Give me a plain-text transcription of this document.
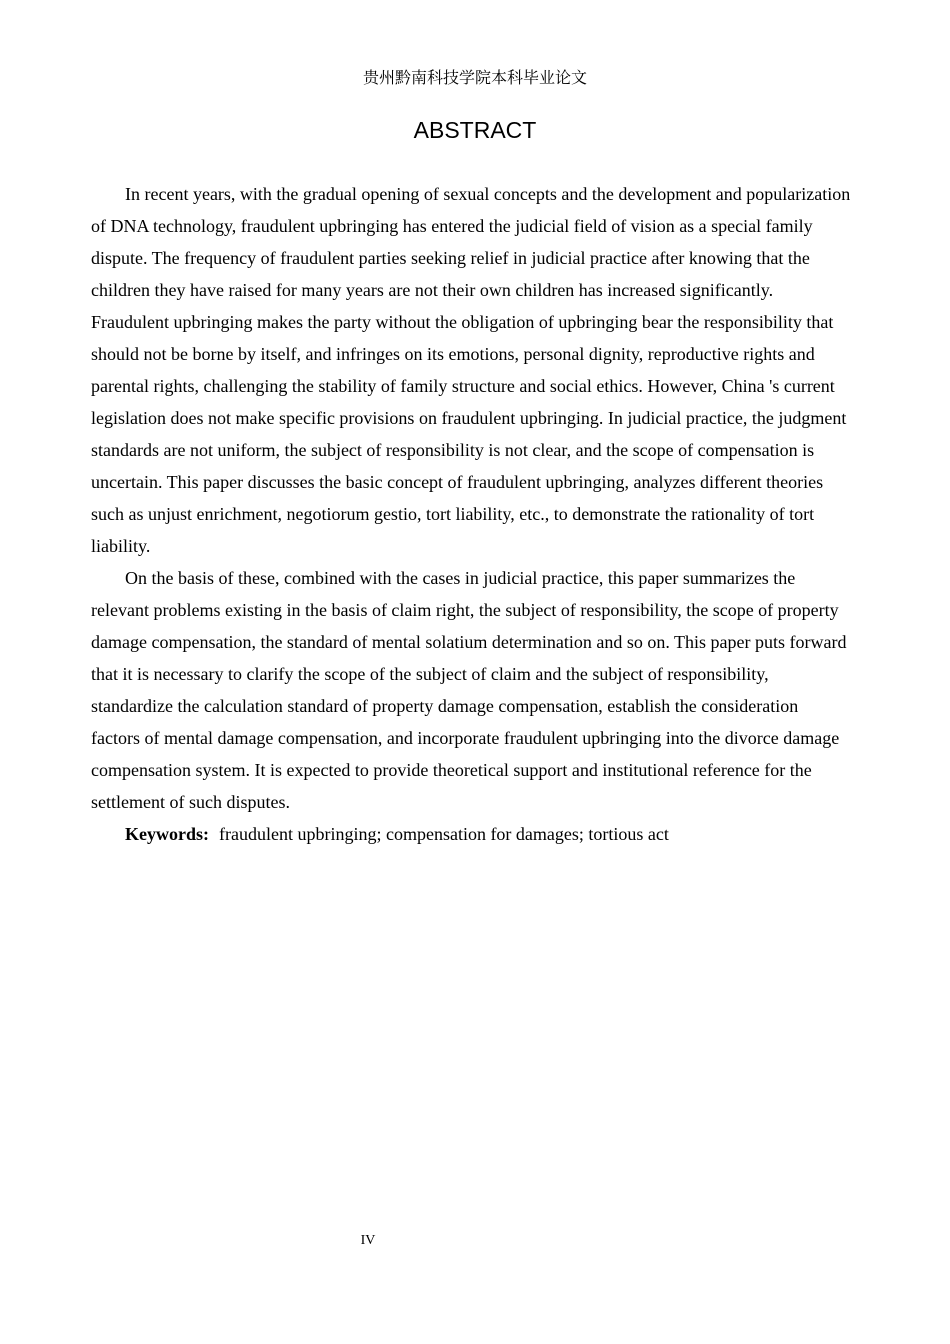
贵州黔南科技学院本科毕业论文
ABSTRACT

In recent years, with the gradual opening of sexual concepts and the development and popularization of DNA technology, fraudulent upbringing has entered the judicial field of vision as a special family dispute. The frequency of fraudulent parties seeking relief in judicial practice after knowing that the children they have raised for many years are not their own children has increased significantly. Fraudulent upbringing makes the party without the obligation of upbringing bear the responsibility that should not be borne by itself, and infringes on its emotions, personal dignity, reproductive rights and parental rights, challenging the stability of family structure and social ethics. However, China 's current legislation does not make specific provisions on fraudulent upbringing. In judicial practice, the judgment standards are not uniform, the subject of responsibility is not clear, and the scope of compensation is uncertain. This paper discusses the basic concept of fraudulent upbringing, analyzes different theories such as unjust enrichment, negotiorum gestio, tort liability, etc., to demonstrate the rationality of tort liability.

On the basis of these, combined with the cases in judicial practice, this paper summarizes the relevant problems existing in the basis of claim right, the subject of responsibility, the scope of property damage compensation, the standard of mental solatium determination and so on. This paper puts forward that it is necessary to clarify the scope of the subject of claim and the subject of responsibility, standardize the calculation standard of property damage compensation, establish the consideration factors of mental damage compensation, and incorporate fraudulent upbringing into the divorce damage compensation system. It is expected to provide theoretical support and institutional reference for the settlement of such disputes.

Keywords: fraudulent upbringing; compensation for damages; tortious act

IV
